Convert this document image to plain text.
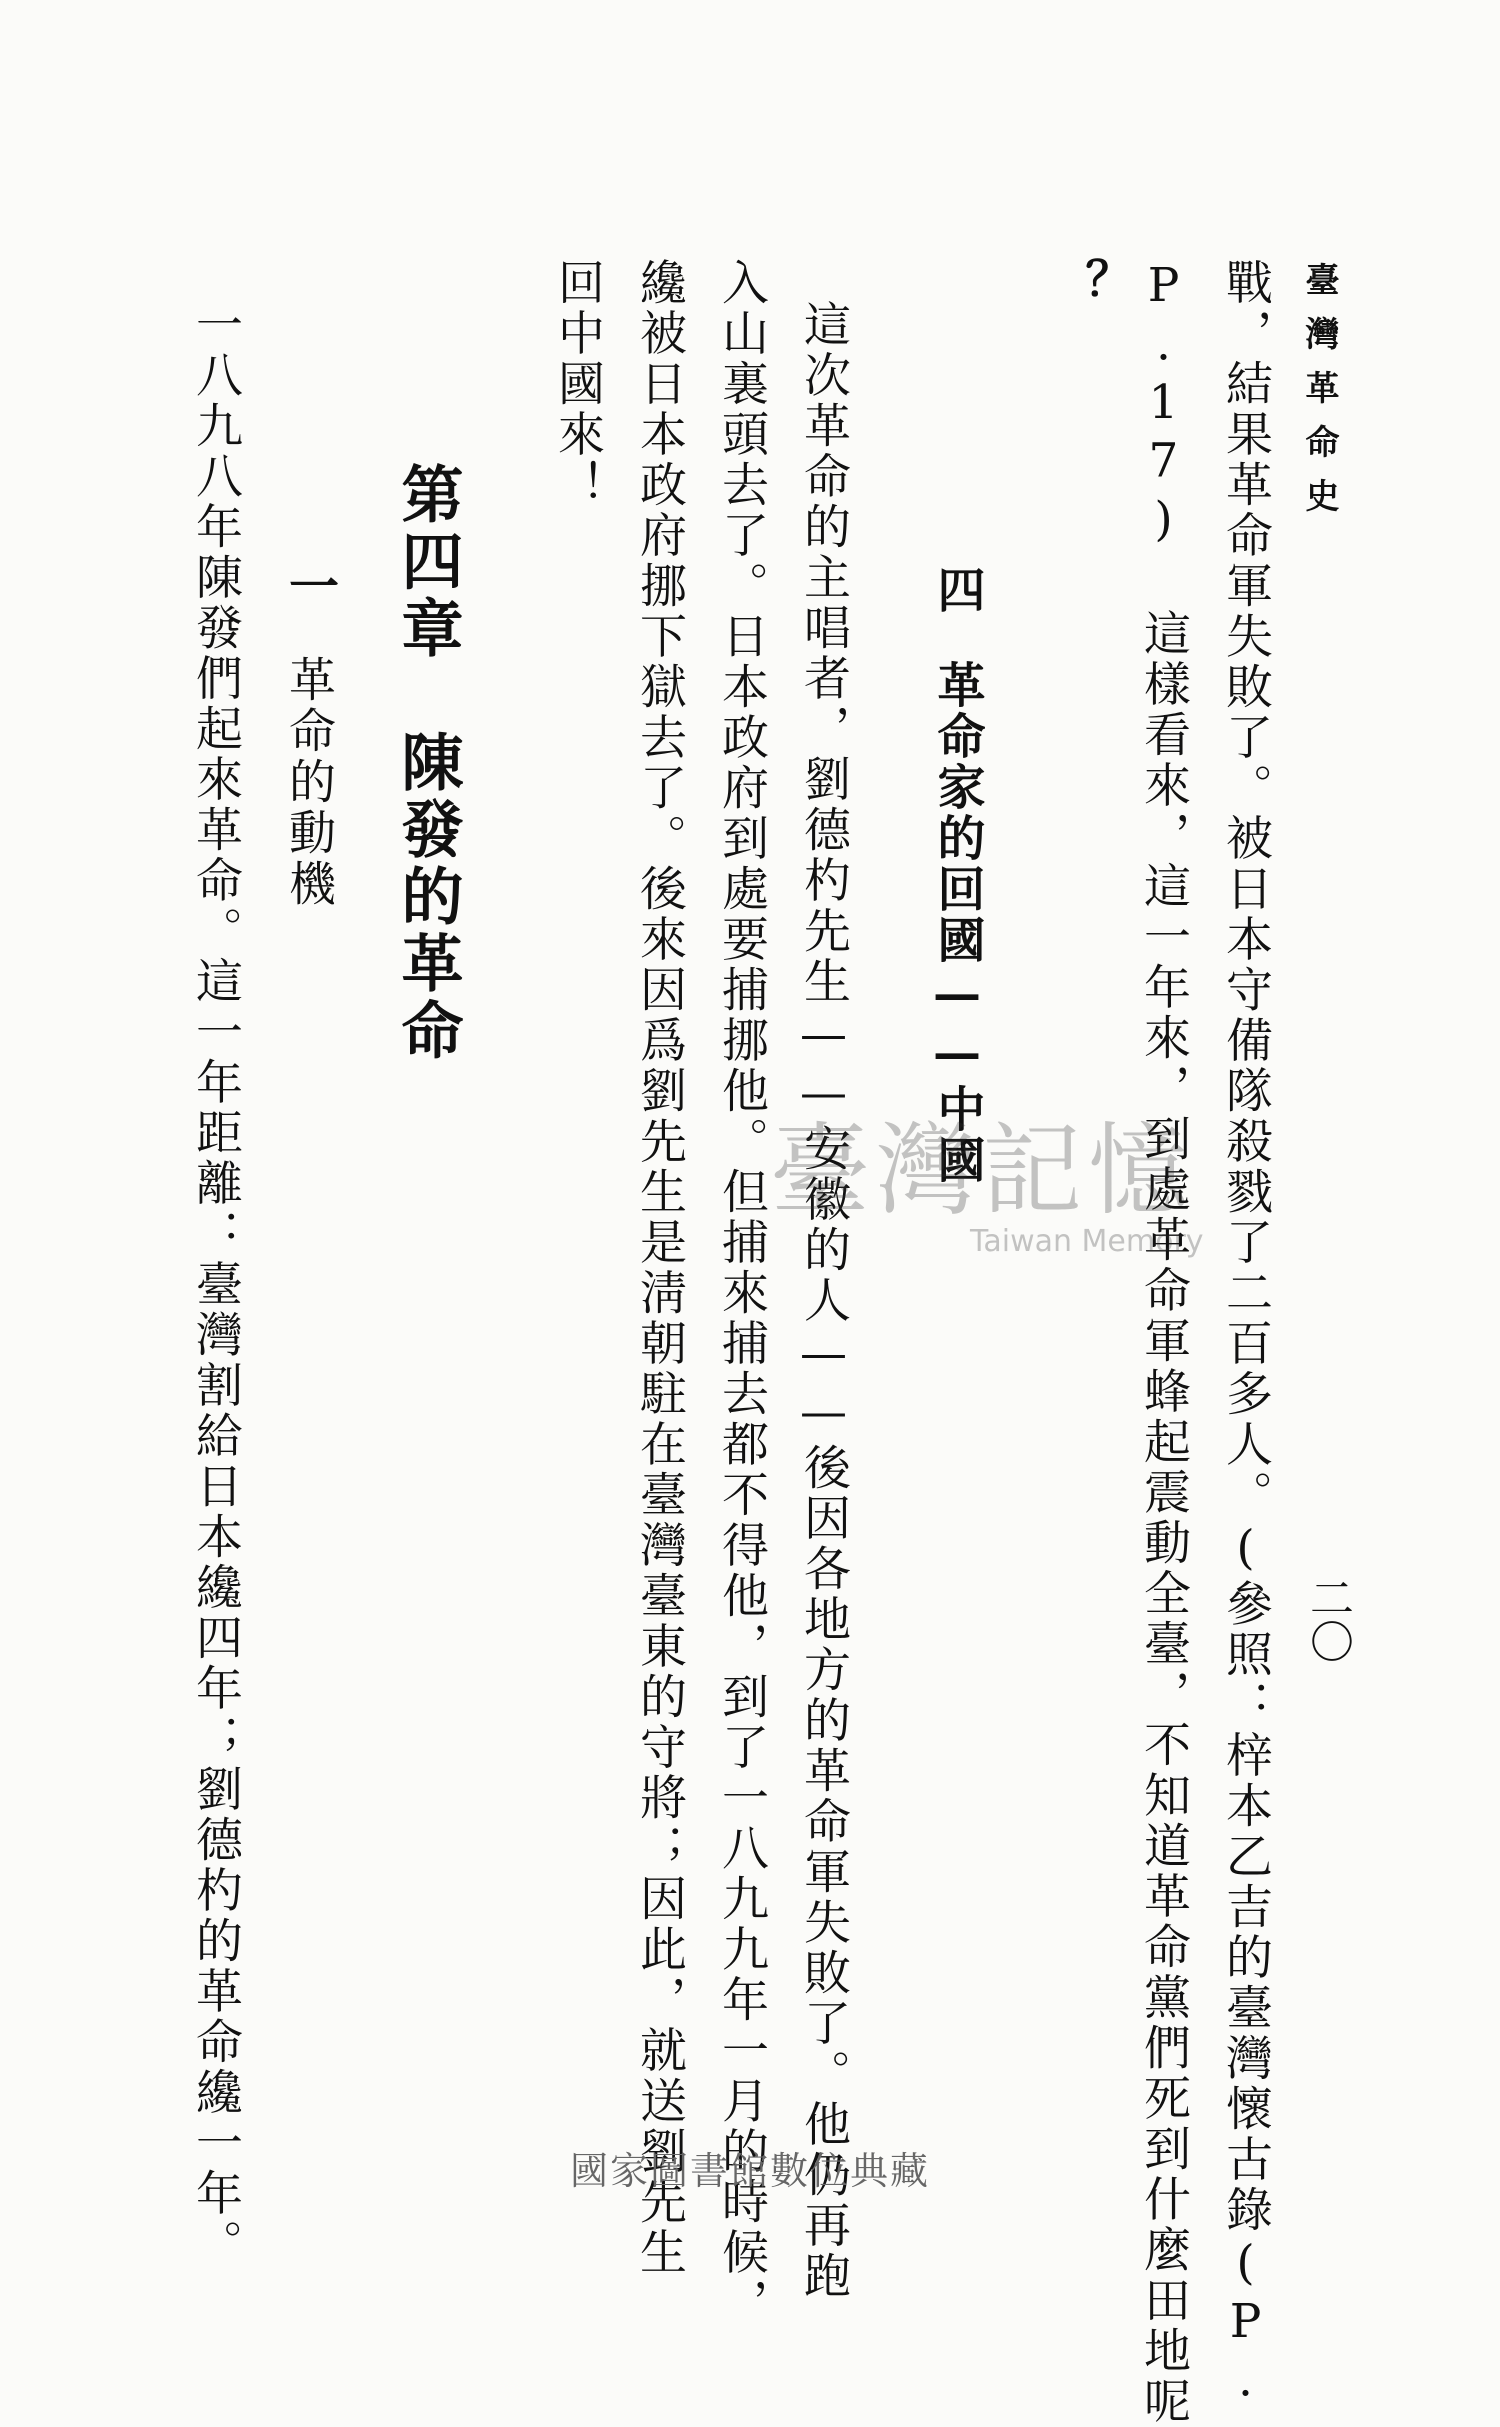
臺灣革命史
二〇
戰，結果革命軍失敗了。被日本守備隊殺戮了二百多人。(參照：梓本乙吉的臺灣懷古錄(P.
P.17) 這樣看來，這一年來，到處革命軍蜂起震動全臺，不知道革命黨們死到什麼田地呢
？
四
革命家的回國——中國
這次革命的主唱者，劉德杓先生——安徽的人——後因各地方的革命軍失敗了。他仍再跑
入山裏頭去了。日本政府到處要捕挪他。但捕來捕去都不得他，到了一八九九年一月的時候，
纔被日本政府挪下獄去了。後來因爲劉先生是淸朝駐在臺灣臺東的守將；因此，就送劉先生
回中國來！
第四章　陳發的革命
一
革命的動機
一八九八年陳發們起來革命。這一年距離：臺灣割給日本纔四年；劉德杓的革命纔一年。	臺灣記憶
Taiwan Memory
國家圖書館數位典藏
